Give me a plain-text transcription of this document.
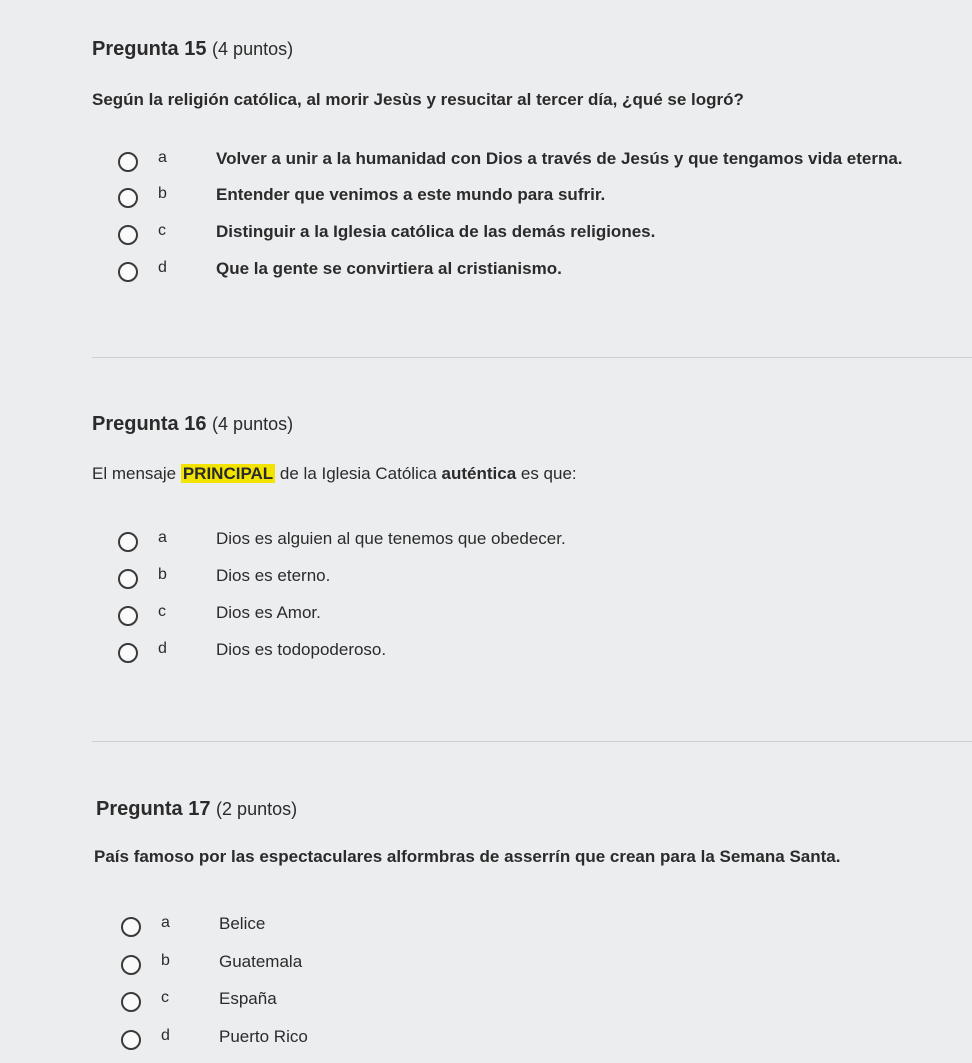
Pregunta 15 (4 puntos)
Según la religión católica, al morir Jesùs y resucitar al tercer día, ¿qué se logró?
a	Volver a unir a la humanidad con Dios a través de Jesús y que tengamos vida eterna.
b	Entender que venimos a este mundo para sufrir.
c	Distinguir a la Iglesia católica de las demás religiones.
d	Que la gente se convirtiera al cristianismo.
Pregunta 16 (4 puntos)
El mensaje PRINCIPAL de la Iglesia Católica auténtica es que:
a	Dios es alguien al que tenemos que obedecer.
b	Dios es eterno.
c	Dios es Amor.
d	Dios es todopoderoso.
Pregunta 17 (2 puntos)
País famoso por las espectaculares alformbras de asserrín que crean para la Semana Santa.
a	Belice
b	Guatemala
c	España
d	Puerto Rico
